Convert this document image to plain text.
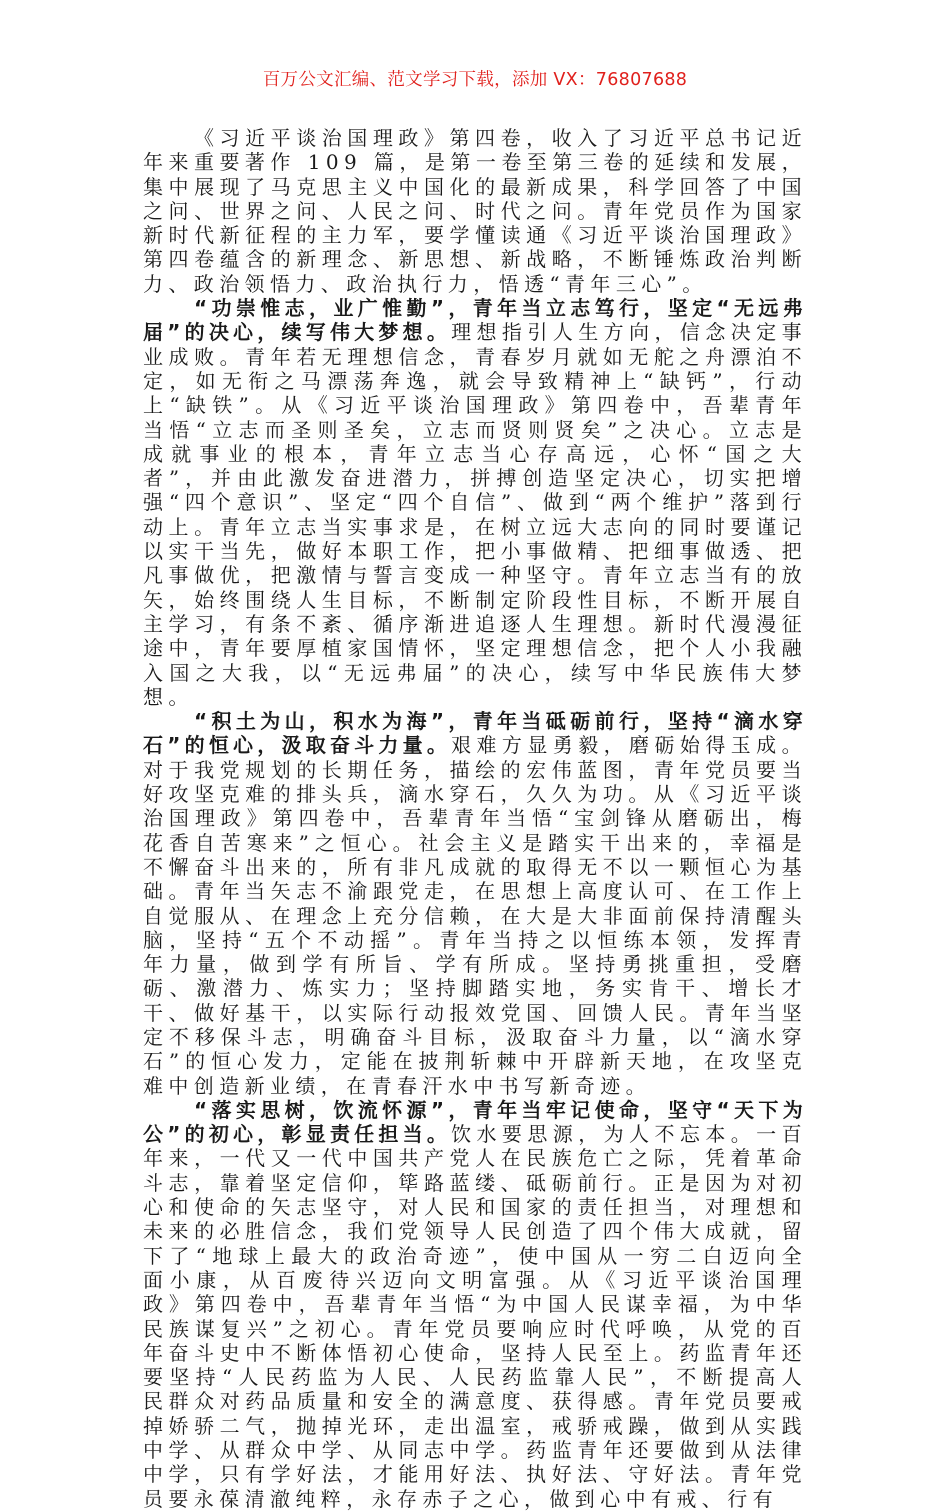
百万公文汇编、范文学习下载，添加 VX：76807688

《习近平谈治国理政》第四卷，收入了习近平总书记近年来重要著作 109 篇，是第一卷至第三卷的延续和发展，集中展现了马克思主义中国化的最新成果，科学回答了中国之问、世界之问、人民之问、时代之问。青年党员作为国家新时代新征程的主力军，要学懂读通《习近平谈治国理政》第四卷蕴含的新理念、新思想、新战略，不断锤炼政治判断力、政治领悟力、政治执行力，悟透“青年三心”。

“功崇惟志，业广惟勤”，青年当立志笃行，坚定“无远弗届”的决心，续写伟大梦想。理想指引人生方向，信念决定事业成败。青年若无理想信念，青春岁月就如无舵之舟漂泊不定，如无衔之马漂荡奔逸，就会导致精神上“缺钙”，行动上“缺铁”。从《习近平谈治国理政》第四卷中，吾辈青年当悟“立志而圣则圣矣，立志而贤则贤矣”之决心。立志是成就事业的根本，青年立志当心存高远，心怀“国之大者”，并由此激发奋进潜力，拼搏创造坚定决心，切实把增强“四个意识”、坚定“四个自信”、做到“两个维护”落到行动上。青年立志当实事求是，在树立远大志向的同时要谨记以实干当先，做好本职工作，把小事做精、把细事做透、把凡事做优，把激情与誓言变成一种坚守。青年立志当有的放矢，始终围绕人生目标，不断制定阶段性目标，不断开展自主学习，有条不紊、循序渐进追逐人生理想。新时代漫漫征途中，青年要厚植家国情怀，坚定理想信念，把个人小我融入国之大我，以“无远弗届”的决心，续写中华民族伟大梦想。

“积土为山，积水为海”，青年当砥砺前行，坚持“滴水穿石”的恒心，汲取奋斗力量。艰难方显勇毅，磨砺始得玉成。对于我党规划的长期任务，描绘的宏伟蓝图，青年党员要当好攻坚克难的排头兵，滴水穿石，久久为功。从《习近平谈治国理政》第四卷中，吾辈青年当悟“宝剑锋从磨砺出，梅花香自苦寒来”之恒心。社会主义是踏实干出来的，幸福是不懈奋斗出来的，所有非凡成就的取得无不以一颗恒心为基础。青年当矢志不渝跟党走，在思想上高度认可、在工作上自觉服从、在理念上充分信赖，在大是大非面前保持清醒头脑，坚持“五个不动摇”。青年当持之以恒练本领，发挥青年力量，做到学有所旨、学有所成。坚持勇挑重担，受磨砺、激潜力、炼实力；坚持脚踏实地，务实肯干、增长才干、做好基干，以实际行动报效党国、回馈人民。青年当坚定不移保斗志，明确奋斗目标，汲取奋斗力量，以“滴水穿石”的恒心发力，定能在披荆斩棘中开辟新天地，在攻坚克难中创造新业绩，在青春汗水中书写新奇迹。

“落实思树，饮流怀源”，青年当牢记使命，坚守“天下为公”的初心，彰显责任担当。饮水要思源，为人不忘本。一百年来，一代又一代中国共产党人在民族危亡之际，凭着革命斗志，靠着坚定信仰，筚路蓝缕、砥砺前行。正是因为对初心和使命的矢志坚守，对人民和国家的责任担当，对理想和未来的必胜信念，我们党领导人民创造了四个伟大成就，留下了“地球上最大的政治奇迹”，使中国从一穷二白迈向全面小康，从百废待兴迈向文明富强。从《习近平谈治国理政》第四卷中，吾辈青年当悟“为中国人民谋幸福，为中华民族谋复兴”之初心。青年党员要响应时代呼唤，从党的百年奋斗史中不断体悟初心使命，坚持人民至上。药监青年还要坚持“人民药监为人民、人民药监靠人民”，不断提高人民群众对药品质量和安全的满意度、获得感。青年党员要戒掉娇骄二气，抛掉光环，走出温室，戒骄戒躁，做到从实践中学、从群众中学、从同志中学。药监青年还要做到从法律中学，只有学好法，才能用好法、执好法、守好法。青年党员要永葆清澈纯粹，永存赤子之心，做到心中有戒、行有
